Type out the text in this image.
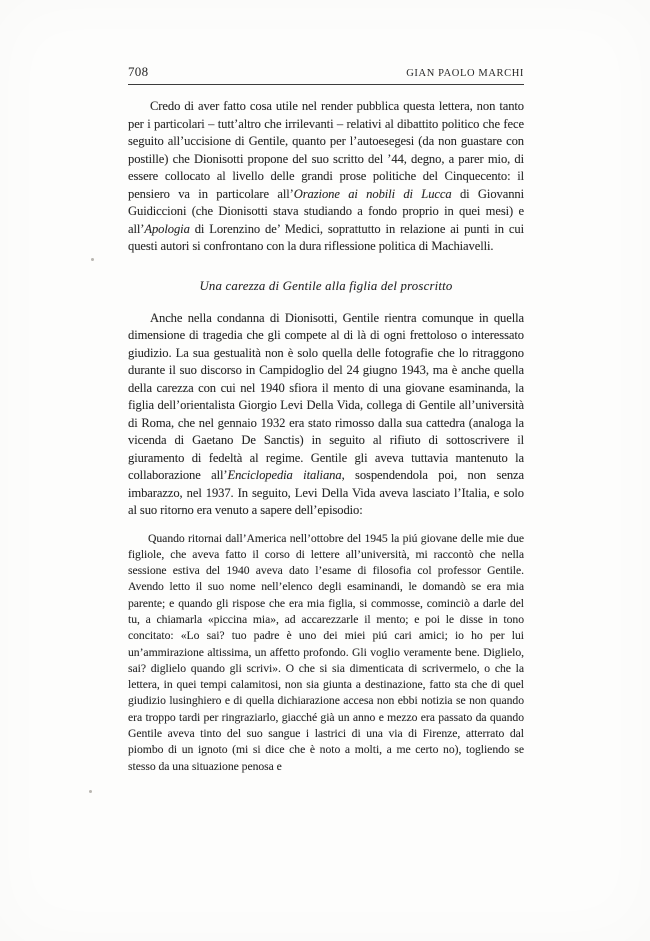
708	GIAN PAOLO MARCHI

Credo di aver fatto cosa utile nel render pubblica questa lettera, non tanto per i particolari – tutt’altro che irrilevanti – relativi al dibattito politico che fece seguito all’uccisione di Gentile, quanto per l’autoesegesi (da non guastare con postille) che Dionisotti propone del suo scritto del ’44, degno, a parer mio, di essere collocato al livello delle grandi prose politiche del Cinquecento: il pensiero va in particolare all’Orazione ai nobili di Lucca di Giovanni Guidiccioni (che Dionisotti stava studiando a fondo proprio in quei mesi) e all’Apologia di Lorenzino de’ Medici, soprattutto in relazione ai punti in cui questi autori si confrontano con la dura riflessione politica di Machiavelli.

Una carezza di Gentile alla figlia del proscritto

Anche nella condanna di Dionisotti, Gentile rientra comunque in quella dimensione di tragedia che gli compete al di là di ogni frettoloso o interessato giudizio. La sua gestualità non è solo quella delle fotografie che lo ritraggono durante il suo discorso in Campidoglio del 24 giugno 1943, ma è anche quella della carezza con cui nel 1940 sfiora il mento di una giovane esaminanda, la figlia dell’orientalista Giorgio Levi Della Vida, collega di Gentile all’università di Roma, che nel gennaio 1932 era stato rimosso dalla sua cattedra (analoga la vicenda di Gaetano De Sanctis) in seguito al rifiuto di sottoscrivere il giuramento di fedeltà al regime. Gentile gli aveva tuttavia mantenuto la collaborazione all’Enciclopedia italiana, sospendendola poi, non senza imbarazzo, nel 1937. In seguito, Levi Della Vida aveva lasciato l’Italia, e solo al suo ritorno era venuto a sapere dell’episodio:

Quando ritornai dall’America nell’ottobre del 1945 la piú giovane delle mie due figliole, che aveva fatto il corso di lettere all’università, mi raccontò che nella sessione estiva del 1940 aveva dato l’esame di filosofia col professor Gentile. Avendo letto il suo nome nell’elenco degli esaminandi, le domandò se era mia parente; e quando gli rispose che era mia figlia, si commosse, cominciò a darle del tu, a chiamarla «piccina mia», ad accarezzarle il mento; e poi le disse in tono concitato: «Lo sai? tuo padre è uno dei miei piú cari amici; io ho per lui un’ammirazione altissima, un affetto profondo. Gli voglio veramente bene. Diglielo, sai? diglielo quando gli scrivi». O che si sia dimenticata di scrivermelo, o che la lettera, in quei tempi calamitosi, non sia giunta a destinazione, fatto sta che di quel giudizio lusinghiero e di quella dichiarazione accesa non ebbi notizia se non quando era troppo tardi per ringraziarlo, giacché già un anno e mezzo era passato da quando Gentile aveva tinto del suo sangue i lastrici di una via di Firenze, atterrato dal piombo di un ignoto (mi si dice che è noto a molti, a me certo no), togliendo se stesso da una situazione penosa e
